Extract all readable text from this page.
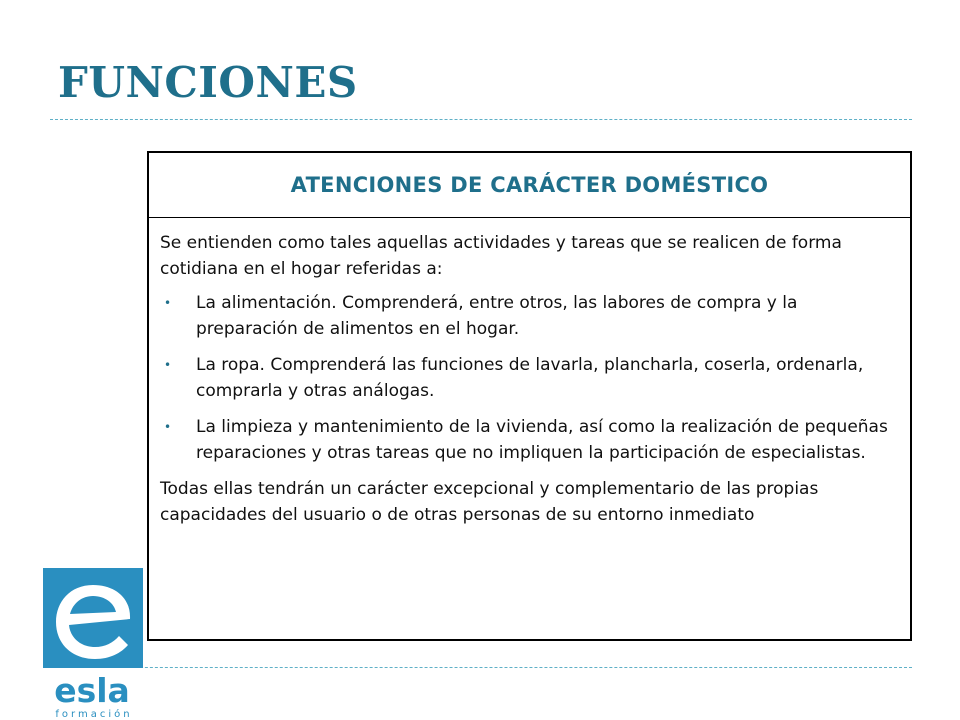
FUNCIONES
ATENCIONES DE CARÁCTER DOMÉSTICO

Se entienden como tales aquellas actividades y tareas que se realicen de forma cotidiana en el hogar referidas a:

• La alimentación. Comprenderá, entre otros, las labores de compra y la preparación de alimentos en el hogar.
• La ropa. Comprenderá las funciones de lavarla, plancharla, coserla, ordenarla, comprarla y otras análogas.
• La limpieza y mantenimiento de la vivienda, así como la realización de pequeñas reparaciones y otras tareas que no impliquen la participación de especialistas.

Todas ellas tendrán un carácter excepcional y complementario de las propias capacidades del usuario o de otras personas de su entorno inmediato

esla
formación
